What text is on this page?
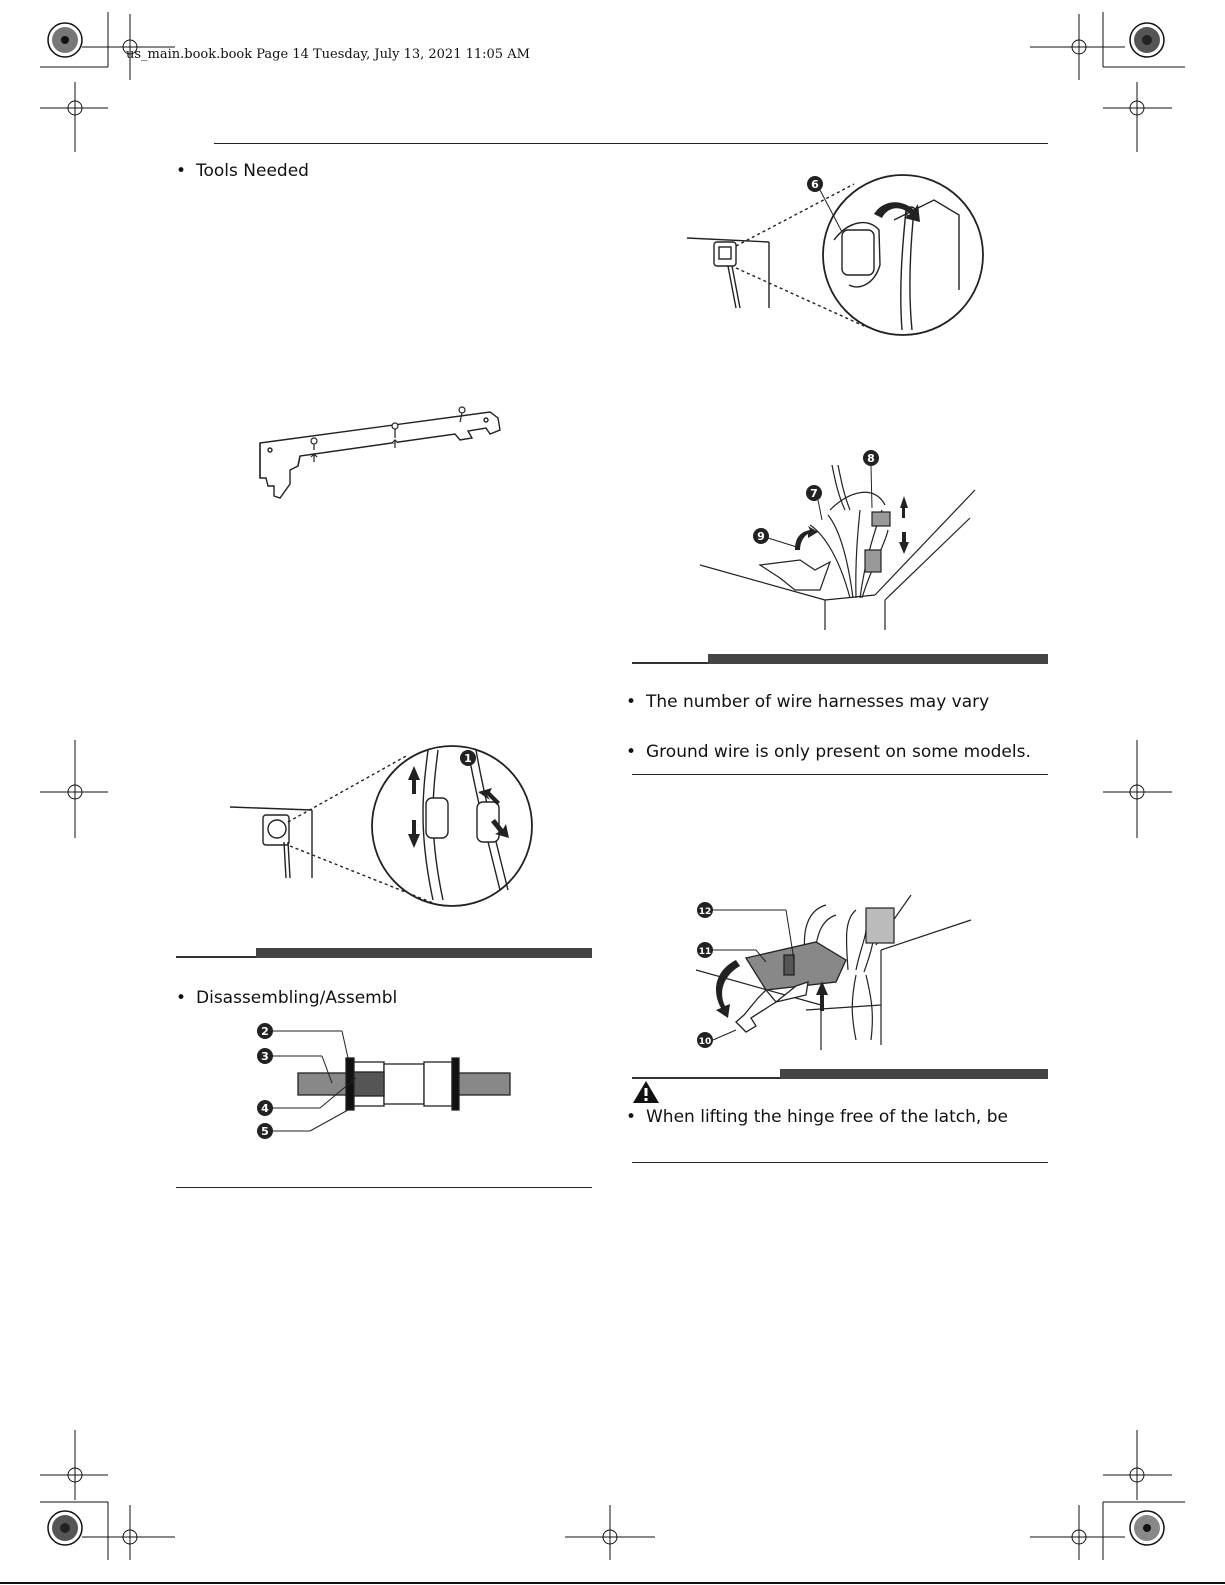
us_main.book.book Page 14 Tuesday, July 13, 2021 11:05 AM
• Tools Needed
1
• Disassembling/Assembl
2
3
4
5
6
8
7
9
• The number of wire harnesses may vary
• Ground wire is only present on some models.
12
11
10
• When lifting the hinge free of the latch, be
